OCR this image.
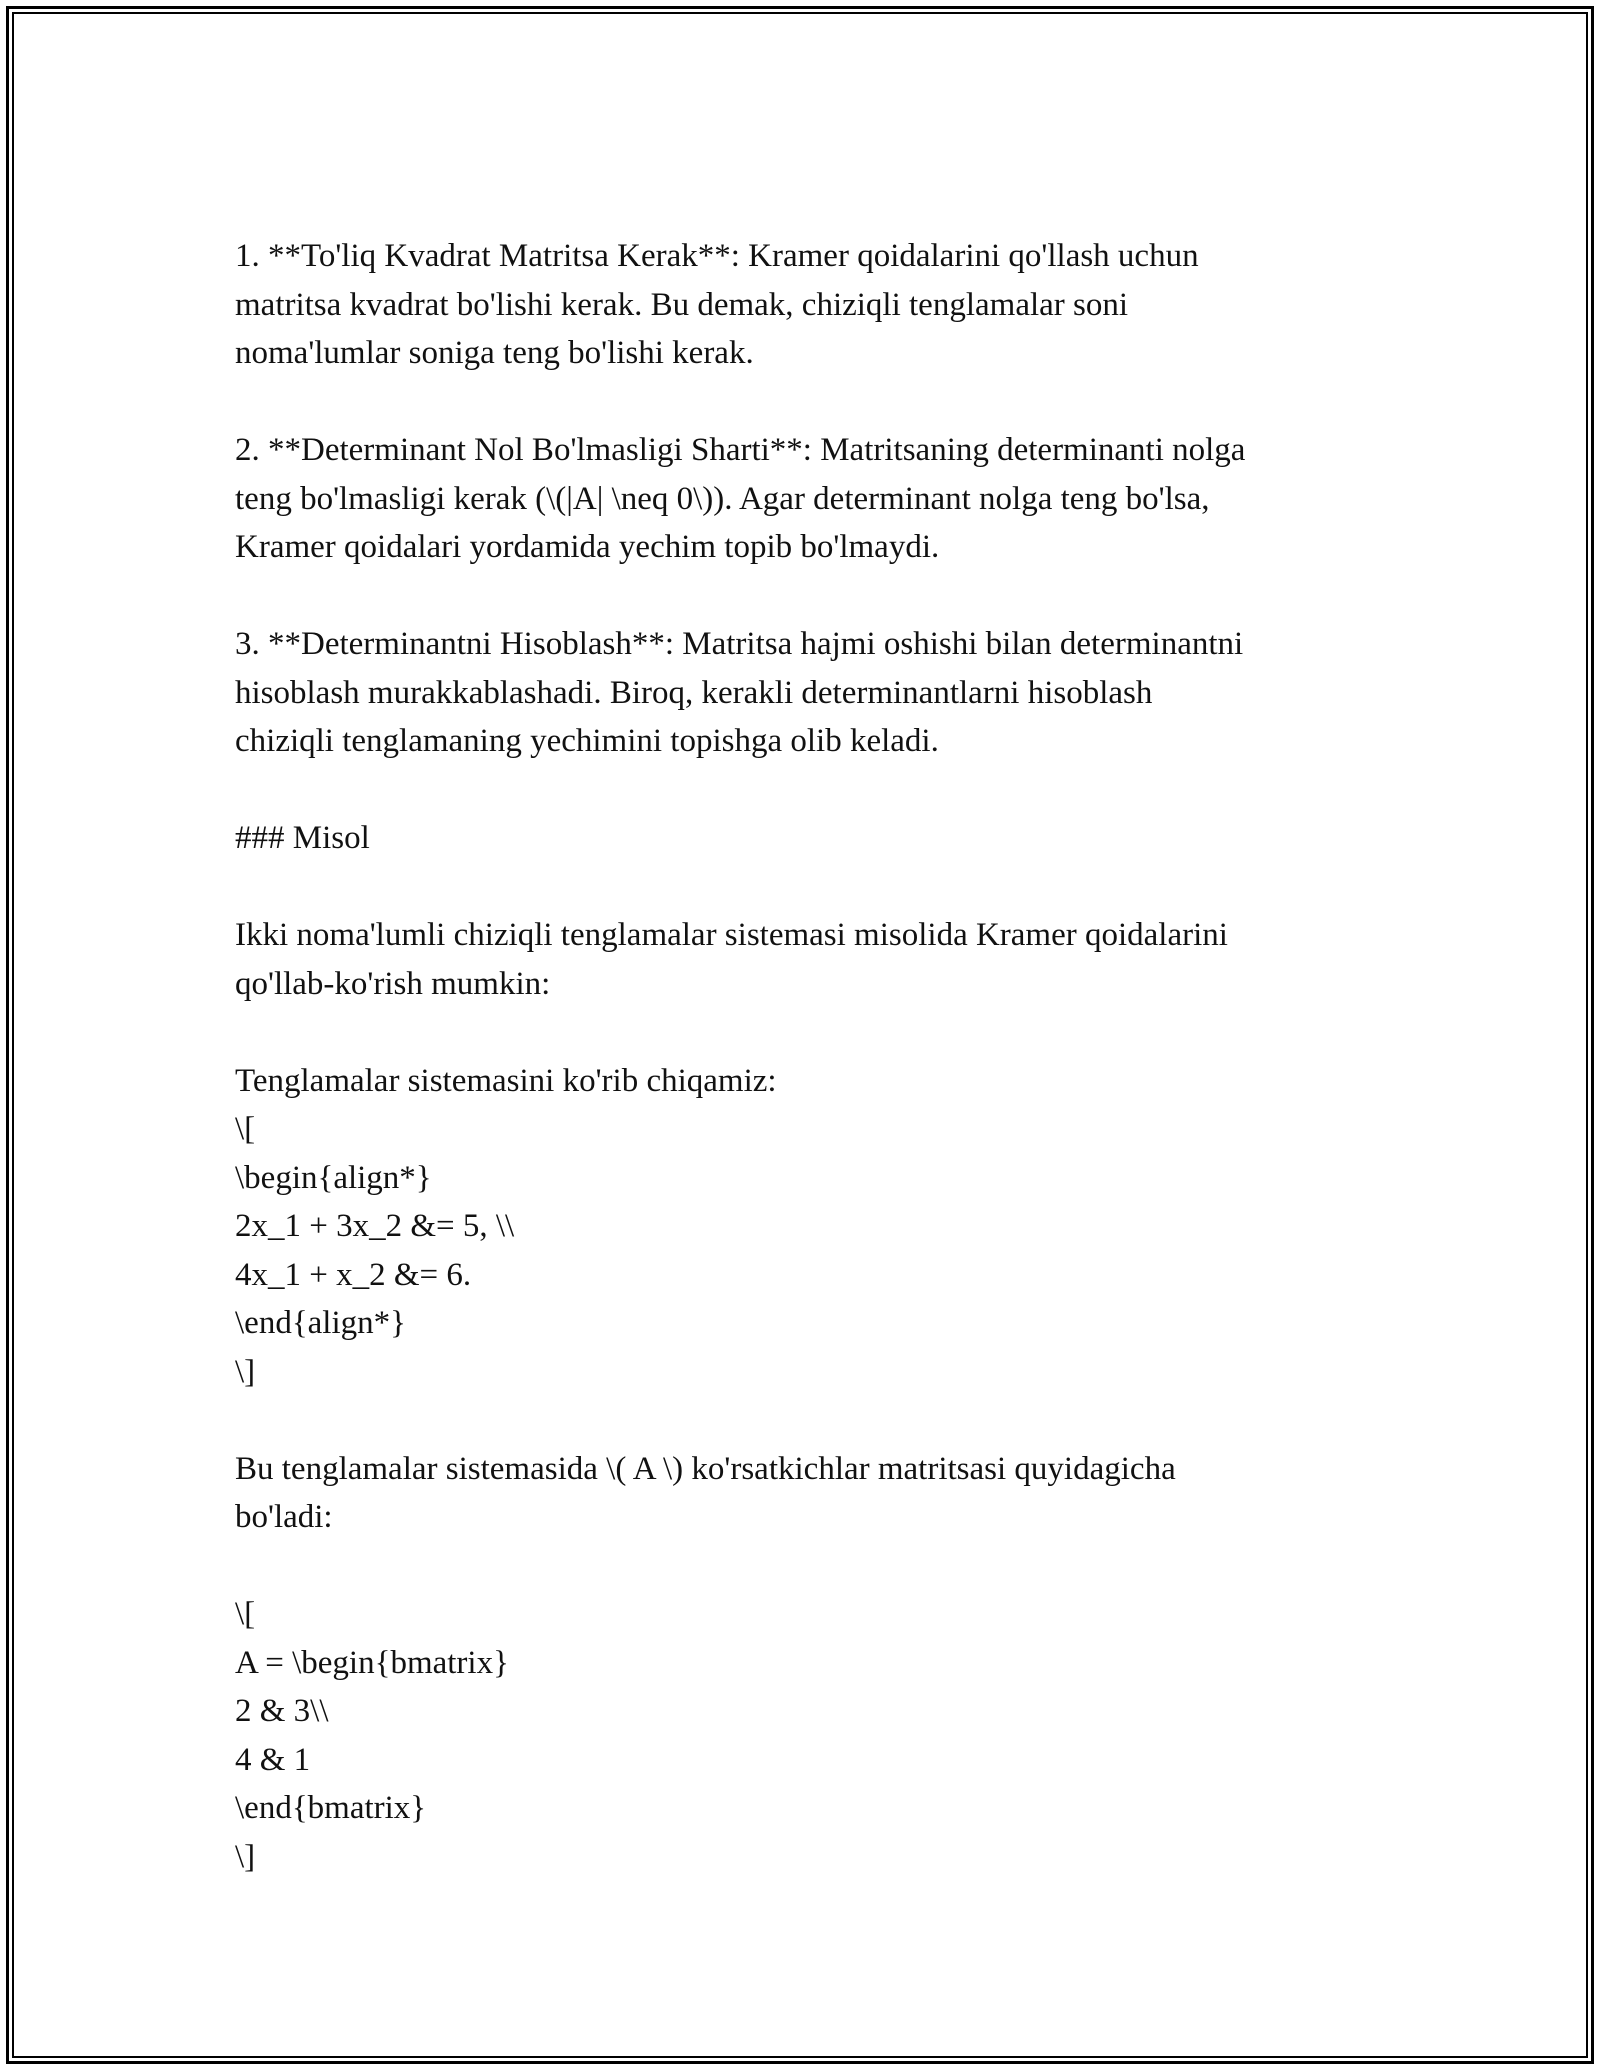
1. **To'liq Kvadrat Matritsa Kerak**: Kramer qoidalarini qo'llash uchun
matritsa kvadrat bo'lishi kerak. Bu demak, chiziqli tenglamalar soni
noma'lumlar soniga teng bo'lishi kerak.
2. **Determinant Nol Bo'lmasligi Sharti**: Matritsaning determinanti nolga
teng bo'lmasligi kerak (\(|A| \neq 0\)). Agar determinant nolga teng bo'lsa,
Kramer qoidalari yordamida yechim topib bo'lmaydi.
3. **Determinantni Hisoblash**: Matritsa hajmi oshishi bilan determinantni
hisoblash murakkablashadi. Biroq, kerakli determinantlarni hisoblash
chiziqli tenglamaning yechimini topishga olib keladi.
### Misol
Ikki noma'lumli chiziqli tenglamalar sistemasi misolida Kramer qoidalarini
qo'llab-ko'rish mumkin:
Tenglamalar sistemasini ko'rib chiqamiz:
\[
\begin{align*}
2x_1 + 3x_2 &= 5, \\
4x_1 + x_2 &= 6.
\end{align*}
\]
Bu tenglamalar sistemasida \( A \) ko'rsatkichlar matritsasi quyidagicha
bo'ladi:
\[
A = \begin{bmatrix}
2 & 3\\
4 & 1
\end{bmatrix}
\]
